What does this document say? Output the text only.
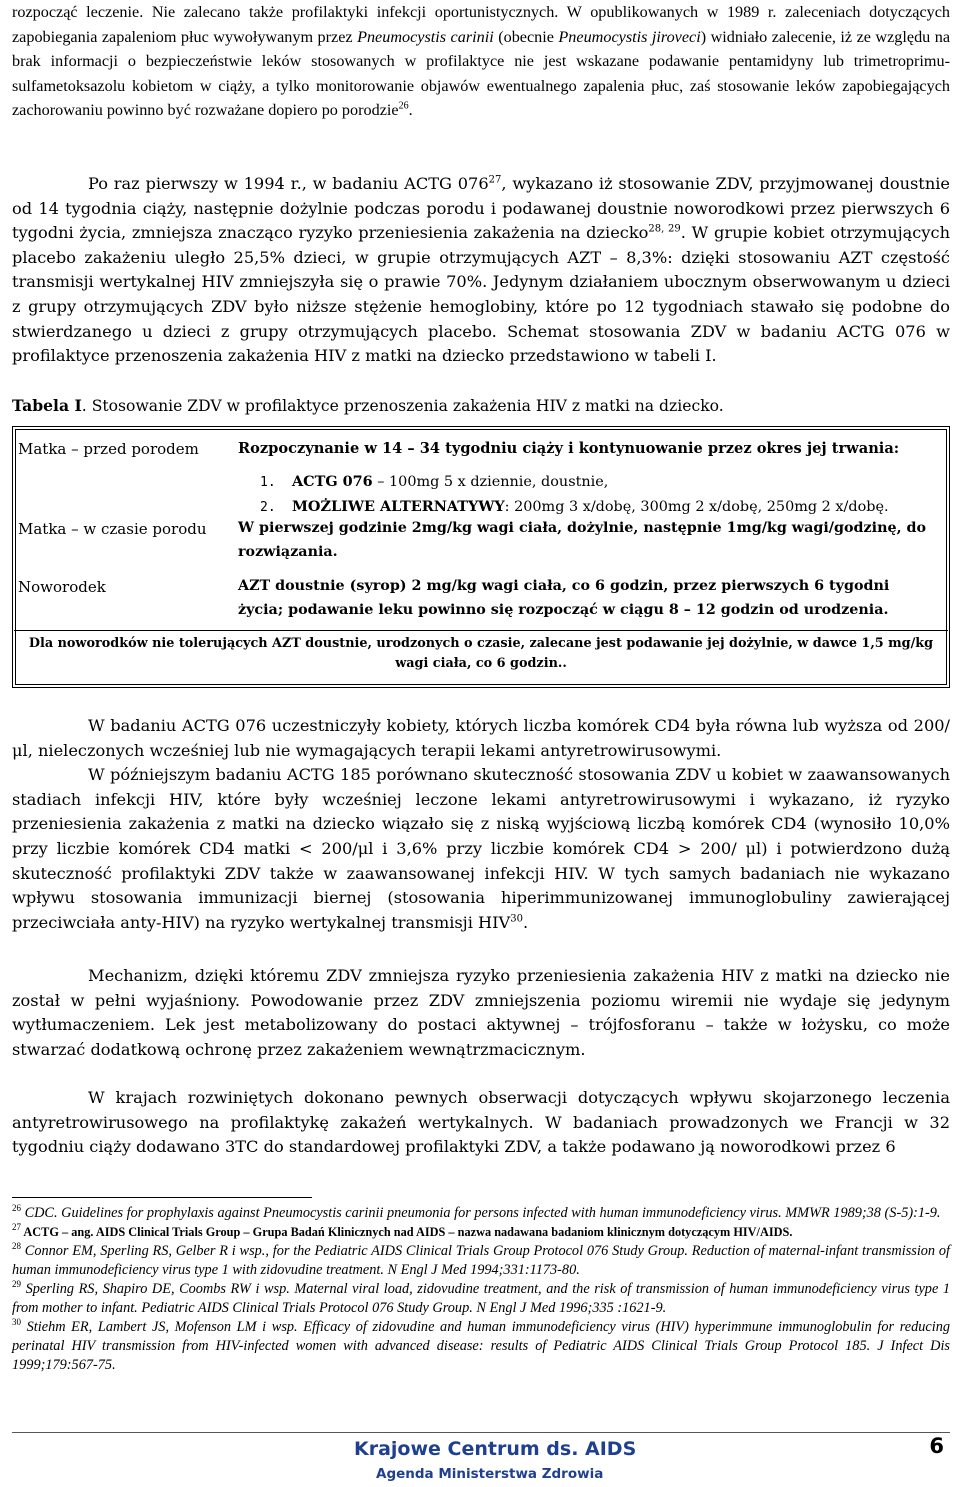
rozpocząć leczenie. Nie zalecano także profilaktyki infekcji oportunistycznych. W opublikowanych w 1989 r. zaleceniach dotyczących zapobiegania zapaleniom płuc wywoływanym przez Pneumocystis carinii (obecnie Pneumocystis jiroveci) widniało zalecenie, iż ze względu na brak informacji o bezpieczeństwie leków stosowanych w profilaktyce nie jest wskazane podawanie pentamidyny lub trimetroprimu-sulfametoksazolu kobietom w ciąży, a tylko monitorowanie objawów ewentualnego zapalenia płuc, zaś stosowanie leków zapobiegających zachorowaniu powinno być rozważane dopiero po porodzie$^{26}$.

Po raz pierwszy w 1994 r., w badaniu ACTG $076^{27}$, wykazano iż stosowanie ZDV, przyjmowanej doustnie od 14 tygodnia ciąży, następnie dożylnie podczas porodu i podawanej doustnie noworodkowi przez pierwszych 6 tygodni życia, zmniejsza znacząco ryzyko przeniesienia zakażenia na dziecko$^{28, 29}$. W grupie kobiet otrzymujących placebo zakażeniu uległo 25,5% dzieci, w grupie otrzymujących AZT – 8,3%: dzięki stosowaniu AZT częstość transmisji wertykalnej HIV zmniejszyła się o prawie 70%. Jedynym działaniem ubocznym obserwowanym u dzieci z grupy otrzymujących ZDV było niższe stężenie hemoglobiny, które po 12 tygodniach stawało się podobne do stwierdzanego u dzieci z grupy otrzymujących placebo. Schemat stosowania ZDV w badaniu ACTG 076 w profilaktyce przenoszenia zakażenia HIV z matki na dziecko przedstawiono w tabeli I.

Tabela I. Stosowanie ZDV w profilaktyce przenoszenia zakażenia HIV z matki na dziecko.

Matka – przed porodem	Rozpoczynanie w 14 – 34 tygodniu ciąży i kontynuowanie przez okres jej trwania:
1. ACTG 076 – 100mg 5 x dziennie, doustnie,
2. MOŻLIWE ALTERNATYWY: 200mg 3 x/dobę, 300mg 2 x/dobę, 250mg 2 x/dobę.
Matka – w czasie porodu	W pierwszej godzinie 2mg/kg wagi ciała, dożylnie, następnie 1mg/kg wagi/godzinę, do rozwiązania.
Noworodek	AZT doustnie (syrop) 2 mg/kg wagi ciała, co 6 godzin, przez pierwszych 6 tygodni życia; podawanie leku powinno się rozpocząć w ciągu 8 – 12 godzin od urodzenia.
Dla noworodków nie tolerujących AZT doustnie, urodzonych o czasie, zalecane jest podawanie jej dożylnie, w dawce 1,5 mg/kg wagi ciała, co 6 godzin..

W badaniu ACTG 076 uczestniczyły kobiety, których liczba komórek CD4 była równa lub wyższa od 200/μl, nieleczonych wcześniej lub nie wymagających terapii lekami antyretrowirusowymi.

W późniejszym badaniu ACTG 185 porównano skuteczność stosowania ZDV u kobiet w zaawansowanych stadiach infekcji HIV, które były wcześniej leczone lekami antyretrowirusowymi i wykazano, iż ryzyko przeniesienia zakażenia z matki na dziecko wiązało się z niską wyjściową liczbą komórek CD4 (wynosiło 10,0% przy liczbie komórek CD4 matki < 200/μl i 3,6% przy liczbie komórek CD4 > 200/ μl) i potwierdzono dużą skuteczność profilaktyki ZDV także w zaawansowanej infekcji HIV. W tych samych badaniach nie wykazano wpływu stosowania immunizacji biernej (stosowania hiperimmunizowanej immunoglobuliny zawierającej przeciwciała anty-HIV) na ryzyko wertykalnej transmisji HIV$^{30}$.

Mechanizm, dzięki któremu ZDV zmniejsza ryzyko przeniesienia zakażenia HIV z matki na dziecko nie został w pełni wyjaśniony. Powodowanie przez ZDV zmniejszenia poziomu wiremii nie wydaje się jedynym wytłumaczeniem. Lek jest metabolizowany do postaci aktywnej – trójfosforanu – także w łożysku, co może stwarzać dodatkową ochronę przez zakażeniem wewnątrzmacicznym.

W krajach rozwiniętych dokonano pewnych obserwacji dotyczących wpływu skojarzonego leczenia antyretrowirusowego na profilaktykę zakażeń wertykalnych. W badaniach prowadzonych we Francji w 32 tygodniu ciąży dodawano 3TC do standardowej profilaktyki ZDV, a także podawano ją noworodkowi przez 6

$^{26}$ CDC. Guidelines for prophylaxis against Pneumocystis carinii pneumonia for persons infected with human immunodeficiency virus. MMWR 1989;38 (S-5):1-9.

$^{27}$ ACTG – ang. AIDS Clinical Trials Group – Grupa Badań Klinicznych nad AIDS – nazwa nadawana badaniom klinicznym dotyczącym HIV/AIDS.

$^{28}$ Connor EM, Sperling RS, Gelber R i wsp., for the Pediatric AIDS Clinical Trials Group Protocol 076 Study Group. Reduction of maternal-infant transmission of human immunodeficiency virus type 1 with zidovudine treatment. N Engl J Med 1994;331:1173-80.

$^{29}$ Sperling RS, Shapiro DE, Coombs RW i wsp. Maternal viral load, zidovudine treatment, and the risk of transmission of human immunodeficiency virus type 1 from mother to infant. Pediatric AIDS Clinical Trials Protocol 076 Study Group. N Engl J Med 1996;335 :1621-9.

$^{30}$ Stiehm ER, Lambert JS, Mofenson LM i wsp. Efficacy of zidovudine and human immunodeficiency virus (HIV) hyperimmune immunoglobulin for reducing perinatal HIV transmission from HIV-infected women with advanced disease: results of Pediatric AIDS Clinical Trials Group Protocol 185. J Infect Dis 1999;179:567-75.

Krajowe Centrum ds. AIDS
Agenda Ministerstwa Zdrowia
6
